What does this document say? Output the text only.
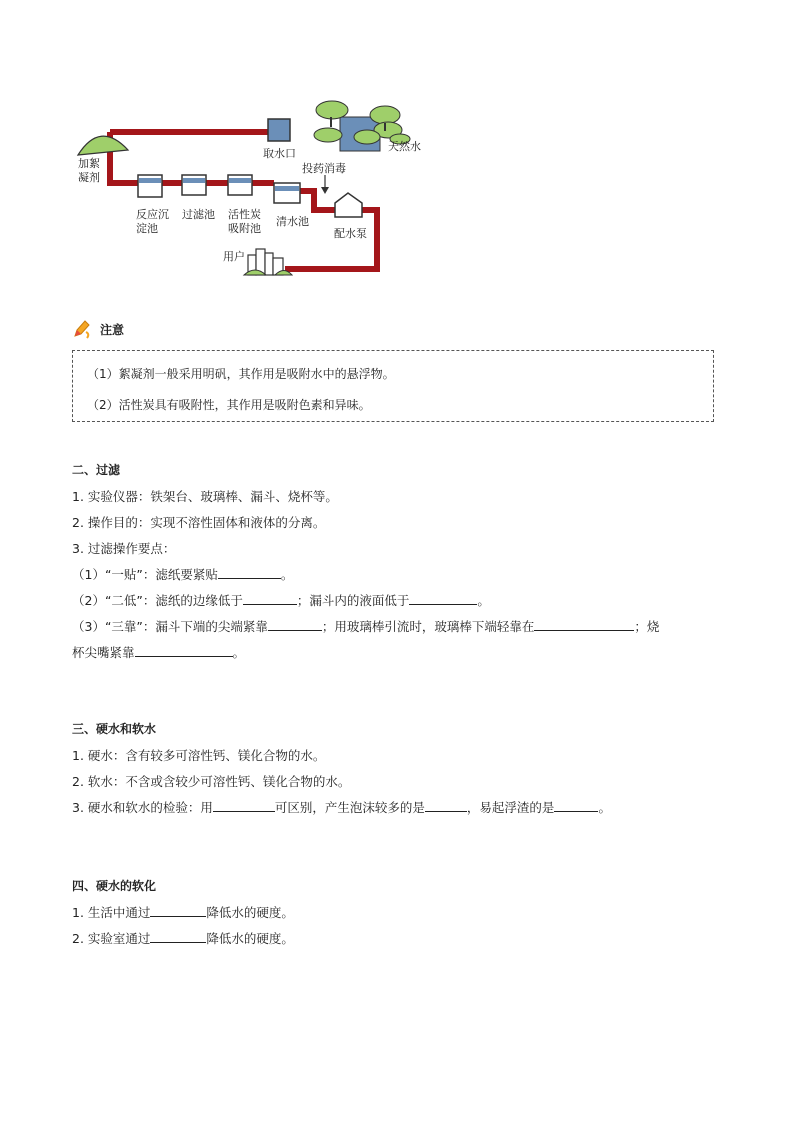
取水口
天然水
加絮
凝剂
投药消毒
反应沉
淀池
过滤池 活性炭
吸附池
清水池
配水泵
用户
注意
（1）絮凝剂一般采用明矾，其作用是吸附水中的悬浮物。
（2）活性炭具有吸附性，其作用是吸附色素和异味。
二、过滤
1. 实验仪器：铁架台、玻璃棒、漏斗、烧杯等。
2. 操作目的：实现不溶性固体和液体的分离。
3. 过滤操作要点：
（1）“一贴”：滤纸要紧贴	。
（2）“二低”：滤纸的边缘低于	；漏斗内的液面低于	。
（3）“三靠”：漏斗下端的尖端紧靠	；用玻璃棒引流时，玻璃棒下端轻靠在	；烧
杯尖嘴紧靠	。
三、硬水和软水
1. 硬水：含有较多可溶性钙、镁化合物的水。
2. 软水：不含或含较少可溶性钙、镁化合物的水。
3. 硬水和软水的检验：用	可区别，产生泡沫较多的是	，易起浮渣的是	。
四、硬水的软化
1. 生活中通过	降低水的硬度。
2. 实验室通过	降低水的硬度。
